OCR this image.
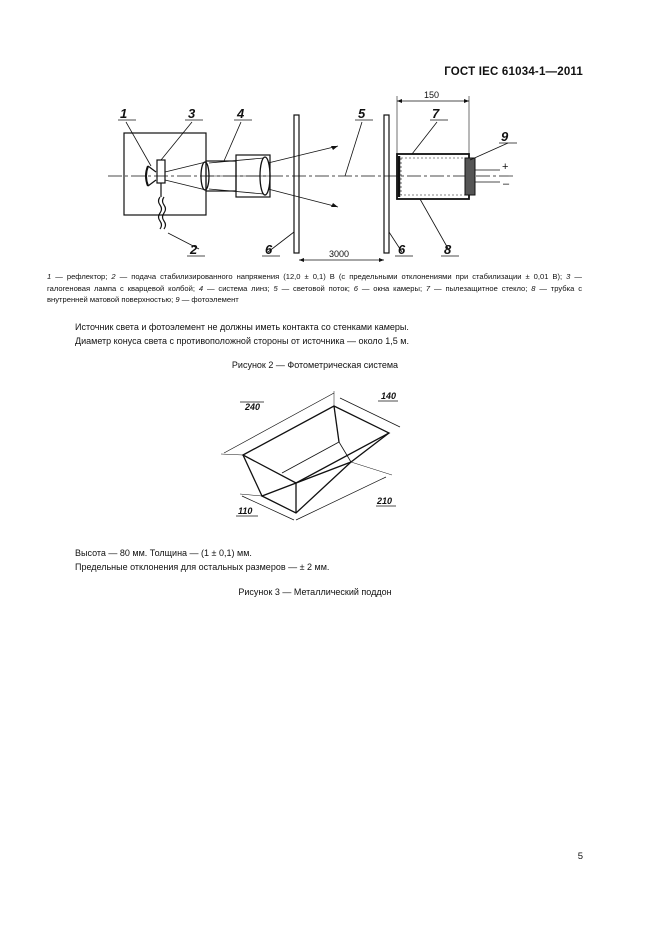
ГОСТ IEC 61034-1—2011
1	3	4	5	7
9
2	6	6	8
150
3000
+
–
1 — рефлектор; 2 — подача стабилизированного напряжения (12,0 ± 0,1) В (с предельными отклонениями при стабилизации ± 0,01 В); 3 — галогеновая лампа с кварцевой колбой; 4 — система линз; 5 — световой поток; 6 — окна камеры; 7 — пылезащитное стекло; 8 — трубка с внутренней матовой поверхностью; 9 — фотоэлемент
Источник света и фотоэлемент не должны иметь контакта со стенками камеры.
Диаметр конуса света с противоположной стороны от источника — около 1,5 м.
Рисунок 2 — Фотометрическая система
240
140
210
110
Высота — 80 мм. Толщина — (1 ± 0,1) мм.
Предельные отклонения для остальных размеров — ± 2 мм.
Рисунок 3 — Металлический поддон
5
